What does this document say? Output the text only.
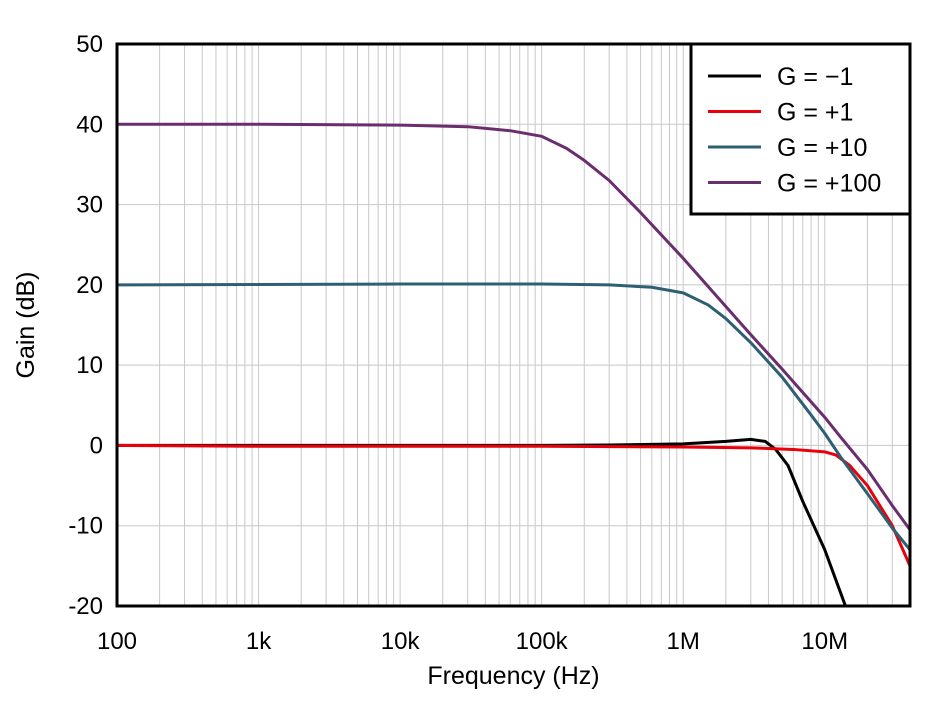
50
40
30
20
10
0
-10
-20
100	1k	10k	100k	1M	10M
Frequency (Hz)
Gain (dB)
G = −1
G = +1
G = +10
G = +100
